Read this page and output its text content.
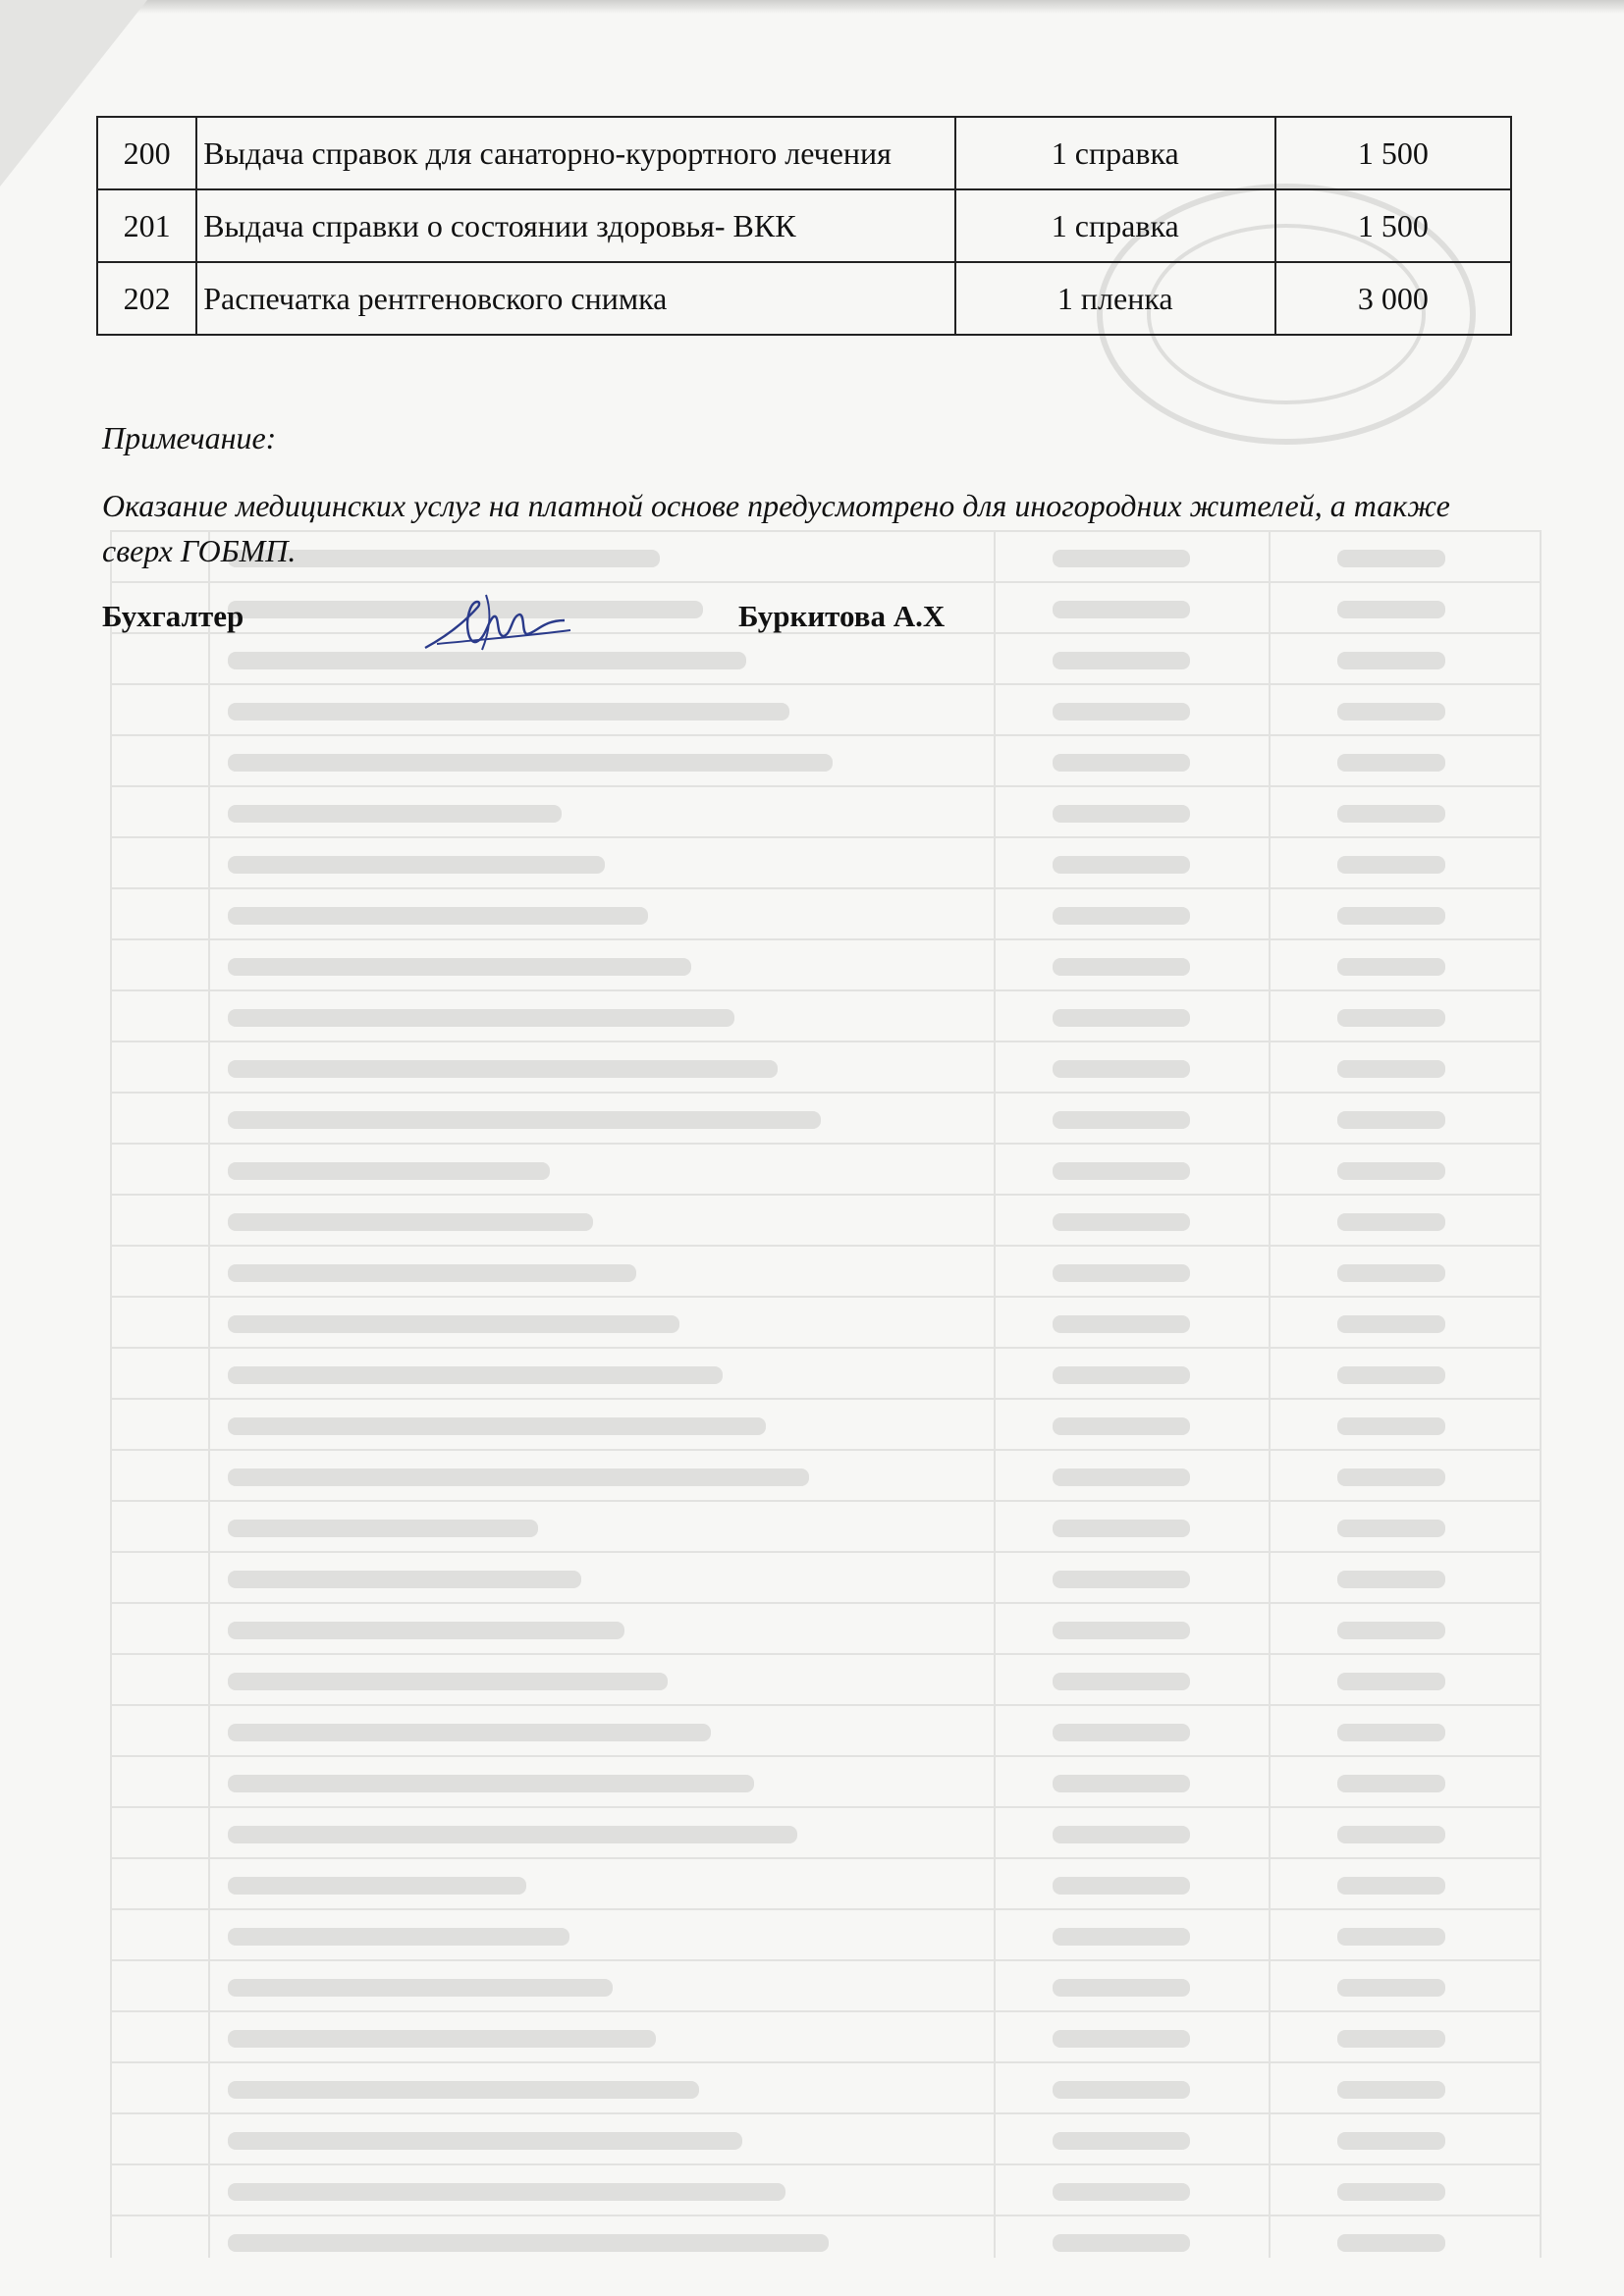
200	Выдача справок для санаторно-курортного лечения	1 справка	1 500
201	Выдача справки о состоянии здоровья- ВКК	1 справка	1 500
202	Распечатка рентгеновского снимка	1 пленка	3 000
Примечание:
Оказание медицинских услуг на платной основе предусмотрено для иногородних жителей, а также сверх ГОБМП.
Бухгалтер	Буркитова А.Х
